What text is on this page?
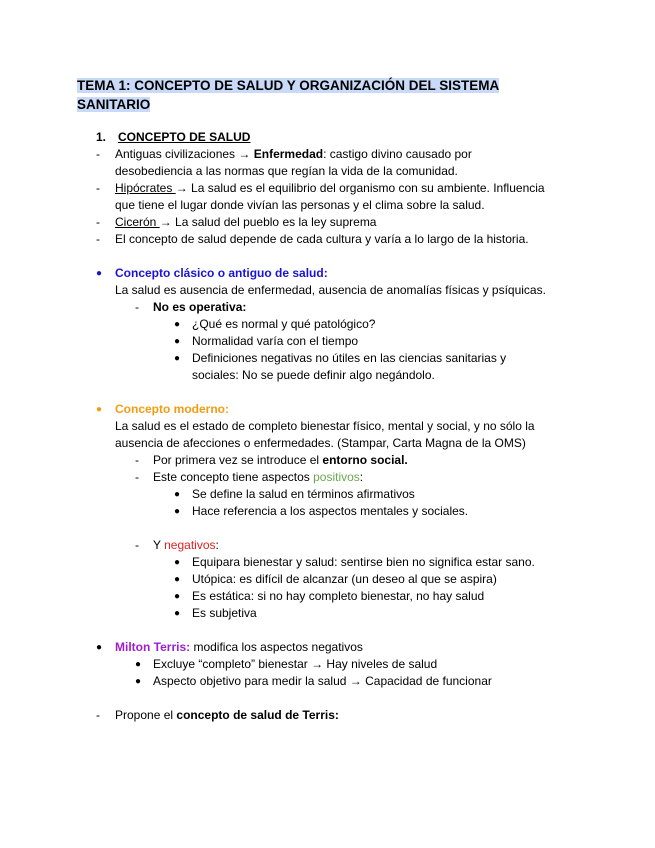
TEMA 1: CONCEPTO DE SALUD Y ORGANIZACIÓN DEL SISTEMA SANITARIO
1. CONCEPTO DE SALUD
- Antiguas civilizaciones → Enfermedad: castigo divino causado por
desobediencia a las normas que regían la vida de la comunidad.
- Hipócrates → La salud es el equilibrio del organismo con su ambiente. Influencia
que tiene el lugar donde vivían las personas y el clima sobre la salud.
- Cicerón → La salud del pueblo es la ley suprema
- El concepto de salud depende de cada cultura y varía a lo largo de la historia.
● Concepto clásico o antiguo de salud:
La salud es ausencia de enfermedad, ausencia de anomalías físicas y psíquicas.
- No es operativa:
● ¿Qué es normal y qué patológico?
● Normalidad varía con el tiempo
● Definiciones negativas no útiles en las ciencias sanitarias y
sociales: No se puede definir algo negándolo.
● Concepto moderno:
La salud es el estado de completo bienestar físico, mental y social, y no sólo la
ausencia de afecciones o enfermedades. (Stampar, Carta Magna de la OMS)
- Por primera vez se introduce el entorno social.
- Este concepto tiene aspectos positivos:
● Se define la salud en términos afirmativos
● Hace referencia a los aspectos mentales y sociales.
- Y negativos:
● Equipara bienestar y salud: sentirse bien no significa estar sano.
● Utópica: es difícil de alcanzar (un deseo al que se aspira)
● Es estática: si no hay completo bienestar, no hay salud
● Es subjetiva
● Milton Terris: modifica los aspectos negativos
● Excluye “completo” bienestar → Hay niveles de salud
● Aspecto objetivo para medir la salud → Capacidad de funcionar
- Propone el concepto de salud de Terris:
